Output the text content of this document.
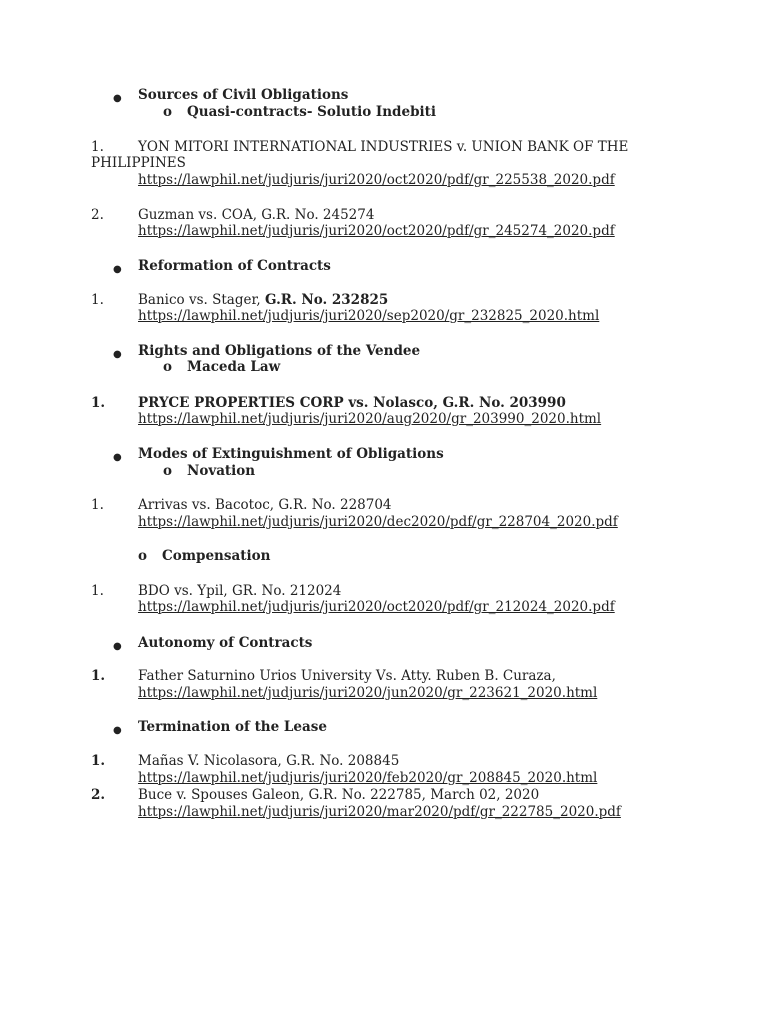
● Sources of Civil Obligations
o Quasi-contracts- Solutio Indebiti
1.	YON MITORI INTERNATIONAL INDUSTRIES v. UNION BANK OF THE
PHILIPPINES
https://lawphil.net/judjuris/juri2020/oct2020/pdf/gr_225538_2020.pdf
2.	Guzman vs. COA, G.R. No. 245274
https://lawphil.net/judjuris/juri2020/oct2020/pdf/gr_245274_2020.pdf
● Reformation of Contracts
1.	Banico vs. Stager, G.R. No. 232825
https://lawphil.net/judjuris/juri2020/sep2020/gr_232825_2020.html
● Rights and Obligations of the Vendee
o Maceda Law
1. PRYCE PROPERTIES CORP vs. Nolasco, G.R. No. 203990
https://lawphil.net/judjuris/juri2020/aug2020/gr_203990_2020.html
● Modes of Extinguishment of Obligations
o Novation
1.	Arrivas vs. Bacotoc, G.R. No. 228704
https://lawphil.net/judjuris/juri2020/dec2020/pdf/gr_228704_2020.pdf
o Compensation
1.	BDO vs. Ypil, GR. No. 212024
https://lawphil.net/judjuris/juri2020/oct2020/pdf/gr_212024_2020.pdf
● Autonomy of Contracts
1. Father Saturnino Urios University Vs. Atty. Ruben B. Curaza,
https://lawphil.net/judjuris/juri2020/jun2020/gr_223621_2020.html
● Termination of the Lease
1. Mañas V. Nicolasora, G.R. No. 208845
https://lawphil.net/judjuris/juri2020/feb2020/gr_208845_2020.html
2. Buce v. Spouses Galeon, G.R. No. 222785, March 02, 2020
https://lawphil.net/judjuris/juri2020/mar2020/pdf/gr_222785_2020.pdf
